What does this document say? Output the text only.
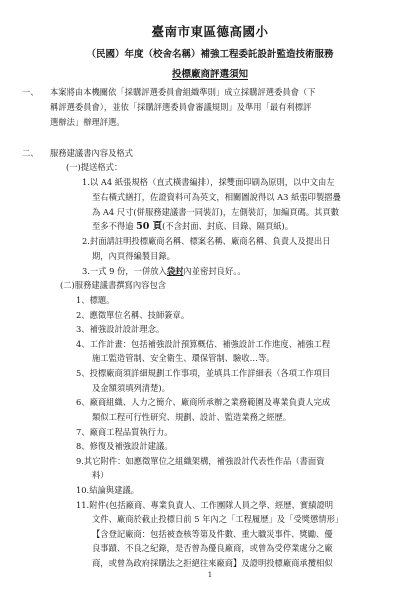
臺南市東區德高國小
（民國）年度（校舍名稱）補強工程委託設計監造技術服務
投標廠商評選須知
一、 本案將由本機關依「採購評選委員會組織準則」成立採購評選委員會（下
稱評選委員會），並依「採購評選委員會審議規則」及準用「最有利標評
選辦法」辦理評選。
二、 服務建議書內容及格式
(一)提送格式：
1.以 A4 紙張規格（直式橫書編排），採雙面印刷為原則，以中文由左
至右橫式繕打，佐證資料可為英文，相關圖說得以 A3 紙張印製摺疊
為 A4 尺寸(併服務建議書一同裝訂)，左側裝訂，加編頁碼。其頁數
至多不得逾 50 頁(不含封面、封底、目錄、隔頁紙)。
2.封面請註明投標廠商名稱、標案名稱、廠商名稱、負責人及提出日
期，內頁得編製目錄。
3.一式 9 份，一併放入袋封內並密封良好。。
(二)服務建議書撰寫內容包含
1、標題。
2、應徵單位名稱、技師簽章。
3、補強設計設計理念。
4、工作計畫：包括補強設計預算概估、補強設計工作進度、補強工程
施工監造管制、安全衛生、環保管制、驗收…等。
5、投標廠商須詳細規劃工作事項，並填具工作詳細表（各項工作項目
及金額須填列清楚)。
6、廠商組織、人力之簡介、廠商所承辦之業務範圍及專業負責人完成
類似工程可行性研究、規劃、設計、監造業務之經歷。
7、廠商工程品質執行力。
8、修復及補強設計建議。
9.其它附件：如應徵單位之組織架構，補強設計代表性作品（書面資
料）
10.結論與建議。
11.附件(包括廠商、專業負責人、工作團隊人員之學、經歷、實績證明
文件、廠商於截止投標日前 5 年內之「工程履歷」及「受獎懲情形」
【含登記廠商：包括被查核等第及件數、重大職災事件、獎勵、優
良事蹟、不良之紀錄，是否曾為優良廠商，或曾為受停業處分之廠
商，或曾為政府採購法之拒絕往來廠商】及證明投標廠商承攬相似
1
